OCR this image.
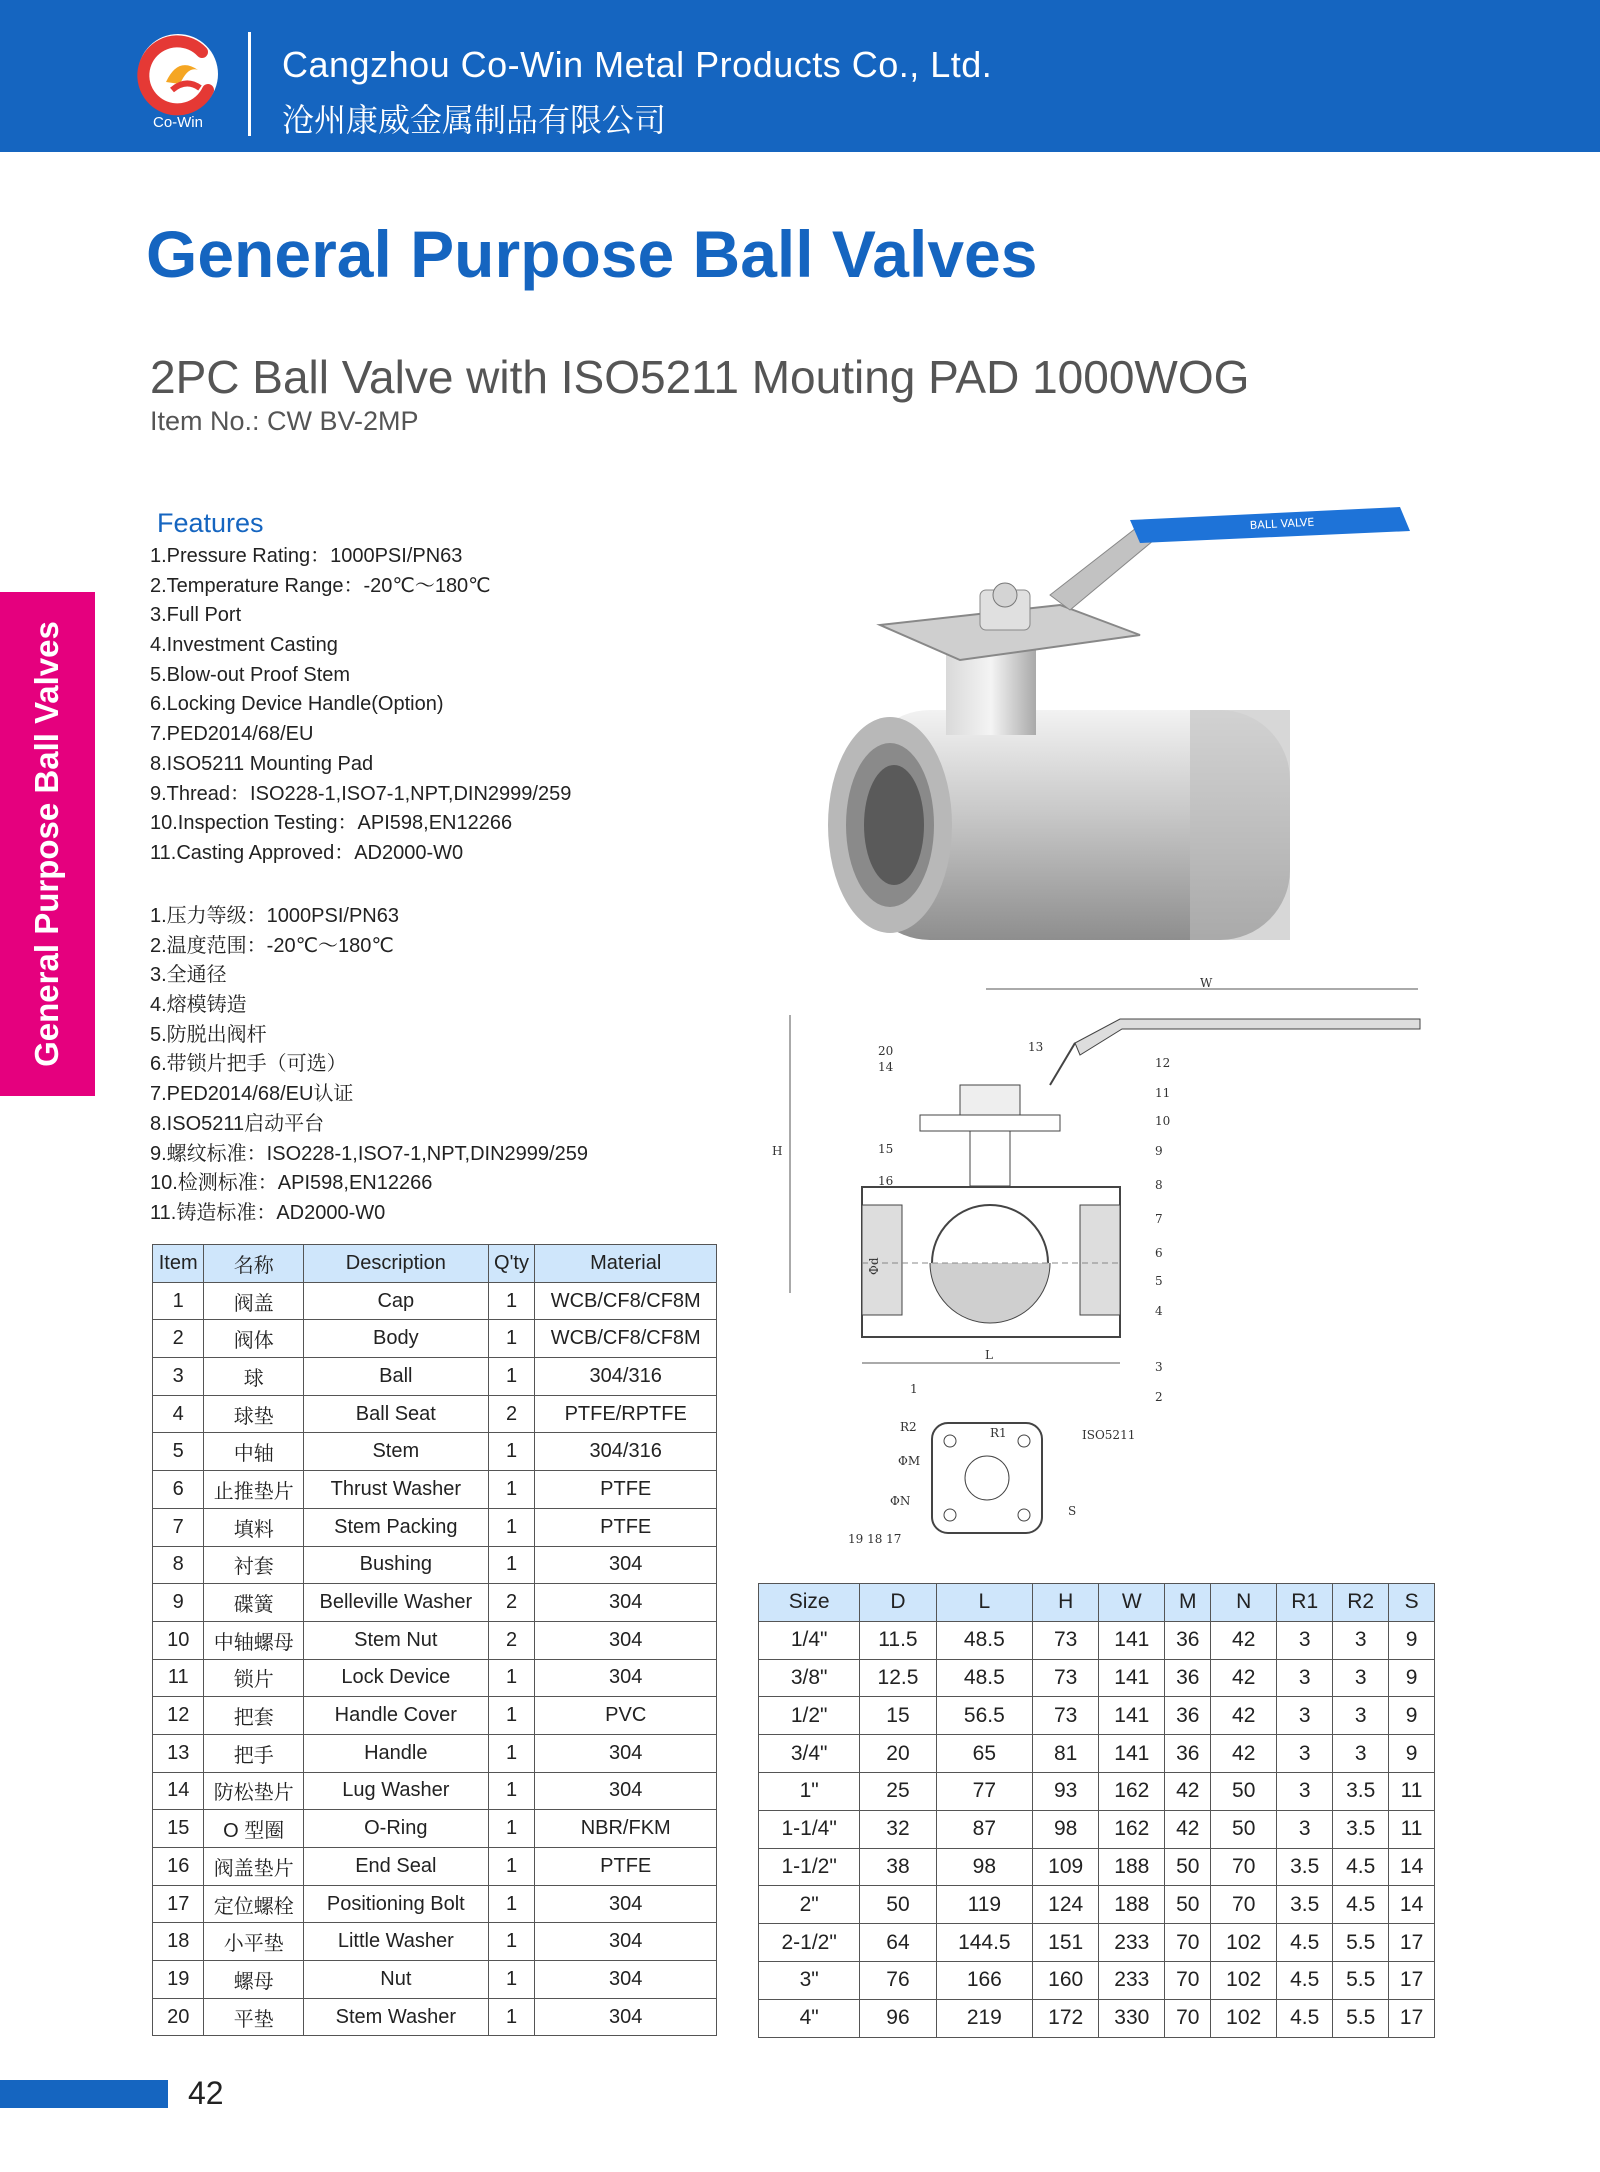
Co-Win
Cangzhou Co-Win Metal Products Co., Ltd.
沧州康威金属制品有限公司
General Purpose Ball Valves
2PC Ball Valve with ISO5211 Mouting PAD 1000WOG
Item No.: CW BV-2MP
General Purpose Ball Valves
Features
1.Pressure Rating：1000PSI/PN63
2.Temperature Range：-20℃～180℃
3.Full Port
4.Investment Casting
5.Blow-out Proof Stem
6.Locking Device Handle(Option)
7.PED2014/68/EU
8.ISO5211 Mounting Pad
9.Thread：ISO228-1,ISO7-1,NPT,DIN2999/259
10.Inspection Testing：API598,EN12266
11.Casting Approved：AD2000-W0
1.压力等级：1000PSI/PN63
2.温度范围：-20℃～180℃
3.全通径
4.熔模铸造
5.防脱出阀杆
6.带锁片把手（可选）
7.PED2014/68/EU认证
8.ISO5211启动平台
9.螺纹标准：ISO228-1,ISO7-1,NPT,DIN2999/259
10.检测标准：API598,EN12266
11.铸造标准：AD2000-W0
BALL VALVE
W
H
Φd
L
20
14
15
16
1
13
12
11
10
9
8
7
6
5
4
3
2
R2	R1
ΦM
ΦN
S
ISO5211
19 18 17
Item	名称	Description	Q'ty	Material
1	阀盖	Cap	1	WCB/CF8/CF8M
2	阀体	Body	1	WCB/CF8/CF8M
3	球	Ball	1	304/316
4	球垫	Ball Seat	2	PTFE/RPTFE
5	中轴	Stem	1	304/316
6	止推垫片	Thrust Washer	1	PTFE
7	填料	Stem Packing	1	PTFE
8	衬套	Bushing	1	304
9	碟簧	Belleville Washer	2	304
10	中轴螺母	Stem Nut	2	304
11	锁片	Lock Device	1	304
12	把套	Handle Cover	1	PVC
13	把手	Handle	1	304
14	防松垫片	Lug Washer	1	304
15	O 型圈	O-Ring	1	NBR/FKM
16	阀盖垫片	End Seal	1	PTFE
17	定位螺栓	Positioning Bolt	1	304
18	小平垫	Little Washer	1	304
19	螺母	Nut	1	304
20	平垫	Stem Washer	1	304
Size	D	L	H	W	M	N	R1	R2	S
1/4"	11.5	48.5	73	141	36	42	3	3	9
3/8"	12.5	48.5	73	141	36	42	3	3	9
1/2"	15	56.5	73	141	36	42	3	3	9
3/4"	20	65	81	141	36	42	3	3	9
1"	25	77	93	162	42	50	3	3.5	11
1-1/4"	32	87	98	162	42	50	3	3.5	11
1-1/2"	38	98	109	188	50	70	3.5	4.5	14
2"	50	119	124	188	50	70	3.5	4.5	14
2-1/2"	64	144.5	151	233	70	102	4.5	5.5	17
3"	76	166	160	233	70	102	4.5	5.5	17
4"	96	219	172	330	70	102	4.5	5.5	17
42
